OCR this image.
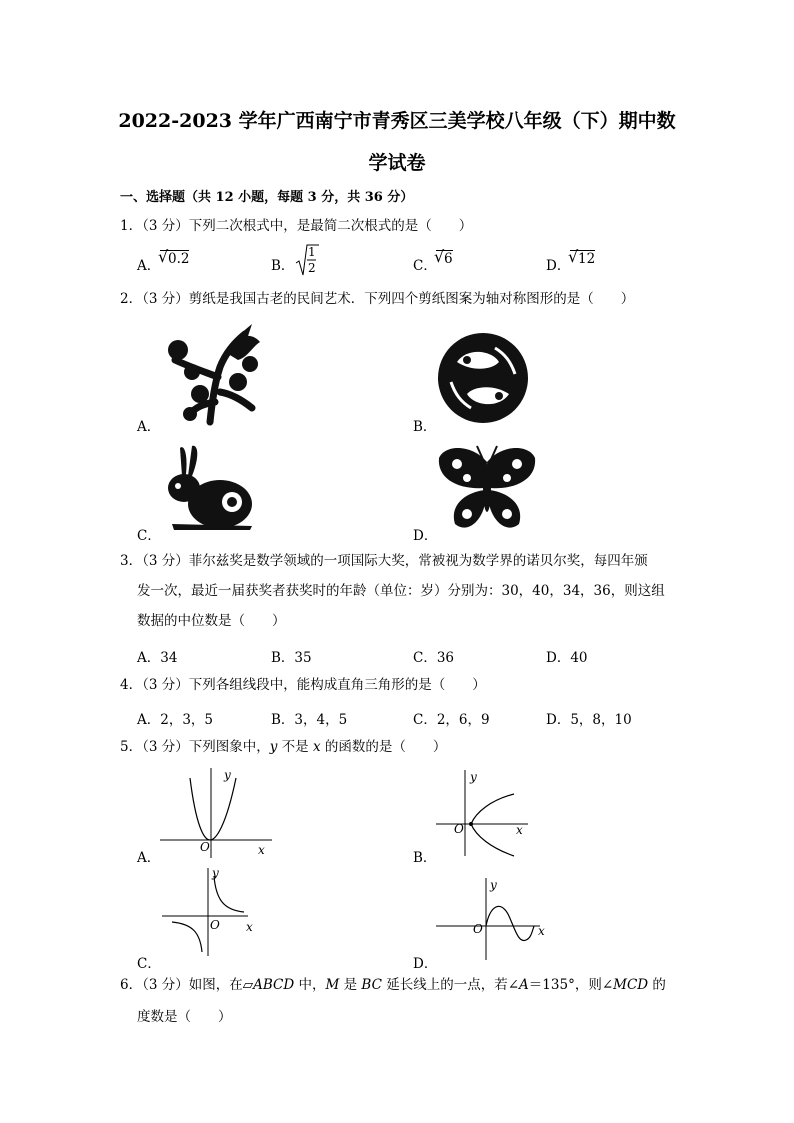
2022-2023 学年广西南宁市青秀区三美学校八年级（下）期中数
学试卷
一、选择题（共 12 小题，每题 3 分，共 36 分）
1．（3 分）下列二次根式中，是最简二次根式的是（　　）
A．
√ 0.2	B．
1
2	C．
√ 6	D．
√ 12
2．（3 分）剪纸是我国古老的民间艺术．下列四个剪纸图案为轴对称图形的是（　　）
A．	B．
C．	D．
3．（3 分）菲尔兹奖是数学领域的一项国际大奖，常被视为数学界的诺贝尔奖，每四年颁
发一次，最近一届获奖者获奖时的年龄（单位：岁）分别为：30，40，34，36，则这组
数据的中位数是（　　）
A．34	B．35	C．36	D．40
4．（3 分）下列各组线段中，能构成直角三角形的是（　　）
A．2，3，5	B．3，4，5	C．2，6，9	D．5，8，10
5．（3 分）下列图象中，y 不是 x 的函数的是（　　）
y
x
O
A．
y
x
O
B．
y
x
O
C．
y
x
O
D．
6．（3 分）如图，在▱ABCD 中，M 是 BC 延长线上的一点，若∠A＝135°，则∠MCD 的
度数是（　　）
